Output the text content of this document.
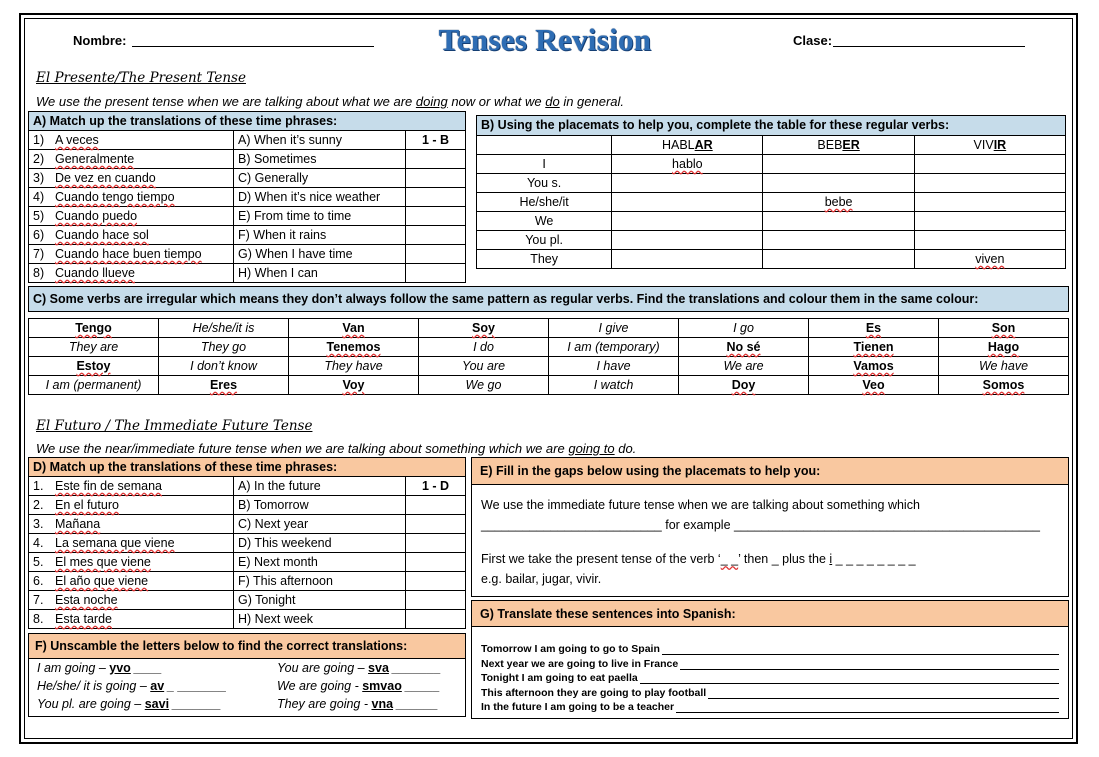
Nombre:	Tenses Revision	Clase:
El Presente/The Present Tense
We use the present tense when we are talking about what we are doing now or what we do in general.
A) Match up the translations of these time phrases:		
1) A veces	A) When it’s sunny	1 - B
2) Generalmente	B) Sometimes	
3) De vez en cuando	C) Generally	
4) Cuando tengo tiempo	D) When it’s nice weather	
5) Cuando puedo	E) From time to time	
6) Cuando hace sol	F) When it rains	
7) Cuando hace buen tiempo	G) When I have time	
8) Cuando llueve	H) When I can	
B) Using the placemats to help you, complete the table for these regular verbs:			
	HABLAR	BEBER	VIVIR
I	hablo		
You s.			
He/she/it		bebe	
We			
You pl.			
They			viven
C) Some verbs are irregular which means they don’t always follow the same pattern as regular verbs. Find the translations and colour them in the same colour:
Tengo	He/she/it is	Van	Soy	I give	I go	Es	Son
They are	They go	Tenemos	I do	I am (temporary)	No sé	Tienen	Hago
Estoy	I don’t know	They have	You are	I have	We are	Vamos	We have
I am (permanent)	Eres	Voy	We go	I watch	Doy	Veo	Somos
El Futuro / The Immediate Future Tense
We use the near/immediate future tense when we are talking about something which we are going to do.
D) Match up the translations of these time phrases:		
1. Este fin de semana	A) In the future	1 - D
2. En el futuro	B) Tomorrow	
3. Mañana	C) Next year	
4. La semana que viene	D) This weekend	
5. El mes que viene	E) Next month	
6. El año que viene	F) This afternoon	
7. Esta noche	G) Tonight	
8. Esta tarde	H) Next week	
E) Fill in the gaps below using the placemats to help you:
We use the immediate future tense when we are talking about something which
__________________________ for example ____________________________________________
First we take the present tense of the verb ‘_ _’ then _ plus the i _ _ _ _ _ _ _ _
e.g. bailar, jugar, vivir.
F) Unscamble the letters below to find the correct translations:
I am going – yvo ____	You are going – sva _______
He/she/ it is going – av _ _______	We are going - smvao _____
You pl. are going – savi _______	They are going - vna ______
G) Translate these sentences into Spanish:
Tomorrow I am going to go to Spain
Next year we are going to live in France
Tonight I am going to eat paella
This afternoon they are going to play football
In the future I am going to be a teacher
